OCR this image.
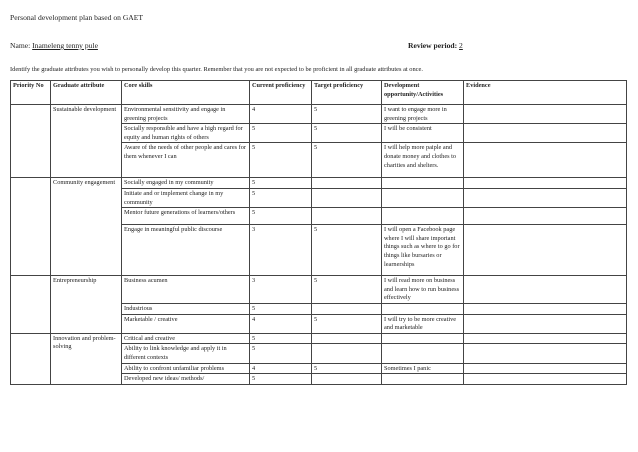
Personal development plan based on GAET
Name: Inameleng tenny pule	Review period: 2
Identify the graduate attributes you wish to personally develop this quarter. Remember that you are not expected to be proficient in all graduate attributes at once.
Priority No	Graduate attribute	Core skills	Current proficiency	Target proficiency	Development opportunity/Activities	Evidence
	Sustainable development	Environmental sensitivity and engage in greening projects	4	5	I want to engage more in greening projects	
		Socially responsible and have a high regard for equity and human rights of others	5	5	I will be consistent	
		Aware of the needs of other people and cares for them whenever I can	5	5	I will help more paiple and donate money and clothes to charities and shelters.	
	Community engagement	Socially engaged in my community	5			
		Initiate and or implement change in my community	5			
		Mentor future generations of learners/others	5			
		Engage in meaningful public discourse	3	5	I will open a Facebook page where I will share important things such as where to go for things like bursaries or learnerships	
	Entrepreneurship	Business acumen	3	5	I will read more on business and learn how to run business effectively	
		Industrious	5			
		Marketable / creative	4	5	I will try to be more creative and marketable	
	Innovation and problem-solving	Critical and creative	5			
		Ability to link knowledge and apply it in different contexts	5			
		Ability to confront unfamiliar problems	4	5	Sometimes I panic	
		Developed new ideas/ methods/	5			
